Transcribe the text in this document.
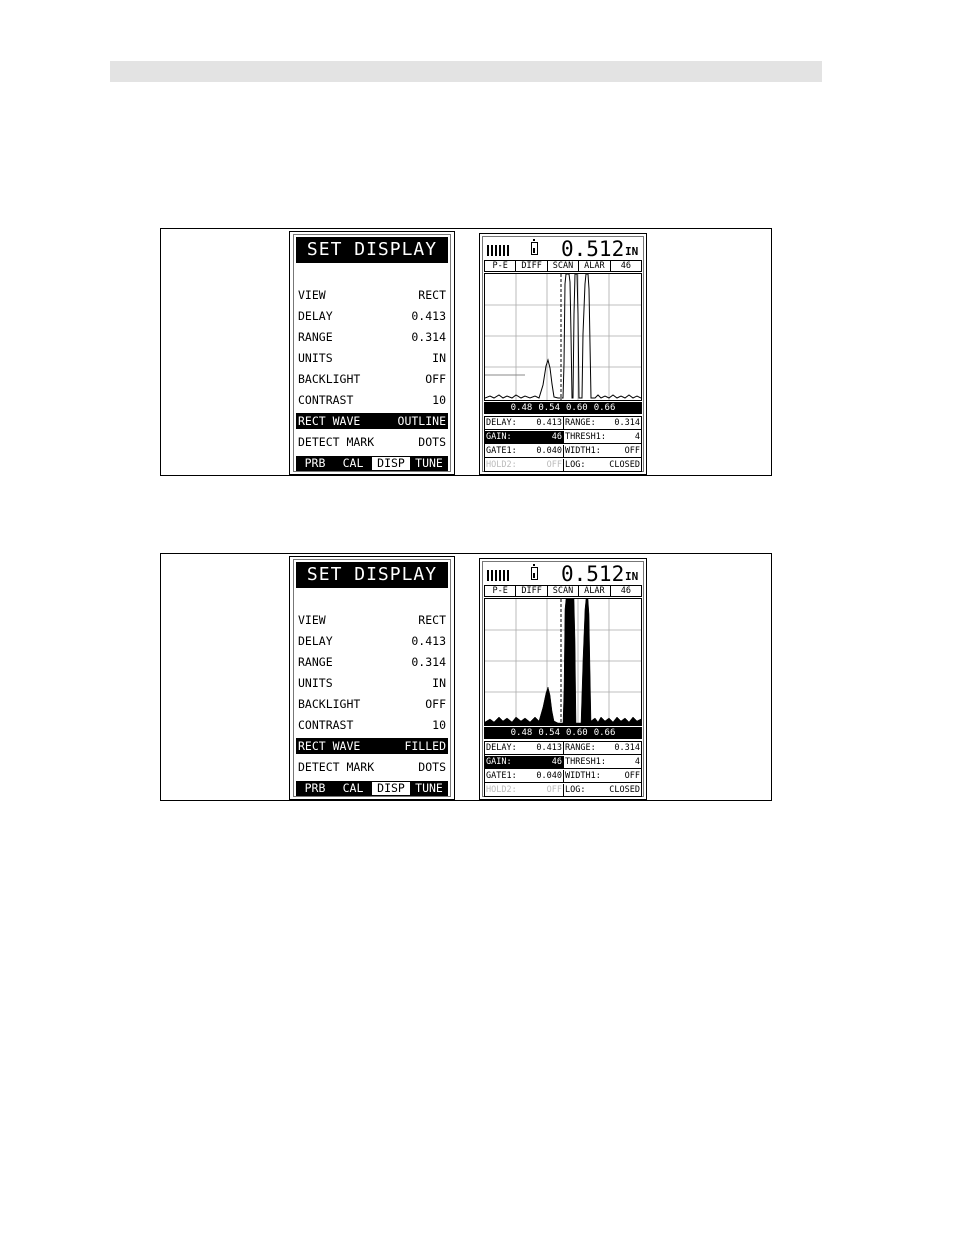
SET DISPLAY
VIEW	RECT
DELAY	0.413
RANGE	0.314
UNITS	IN
BACKLIGHT	OFF
CONTRAST	10
RECT WAVE	OUTLINE
DETECT MARK	DOTS
PRB	CAL	DISP TUNE
0.512 IN
P-E	DIFF	SCAN	ALAR	46
0.48 0.54 0.60 0.66
DELAY: 0.413 RANGE: 0.314
GAIN:	46 THRESH1:	4
GATE1: 0.040 WIDTH1:	OFF
HOLD2:	OFF LOG:	CLOSED
SET DISPLAY
VIEW	RECT
DELAY	0.413
RANGE	0.314
UNITS	IN
BACKLIGHT	OFF
CONTRAST	10
RECT WAVE	FILLED
DETECT MARK	DOTS
PRB	CAL	DISP TUNE
0.512 IN
P-E	DIFF	SCAN	ALAR	46
0.48 0.54 0.60 0.66
DELAY: 0.413 RANGE: 0.314
GAIN:	46 THRESH1:	4
GATE1: 0.040 WIDTH1:	OFF
HOLD2:	OFF LOG:	CLOSED
